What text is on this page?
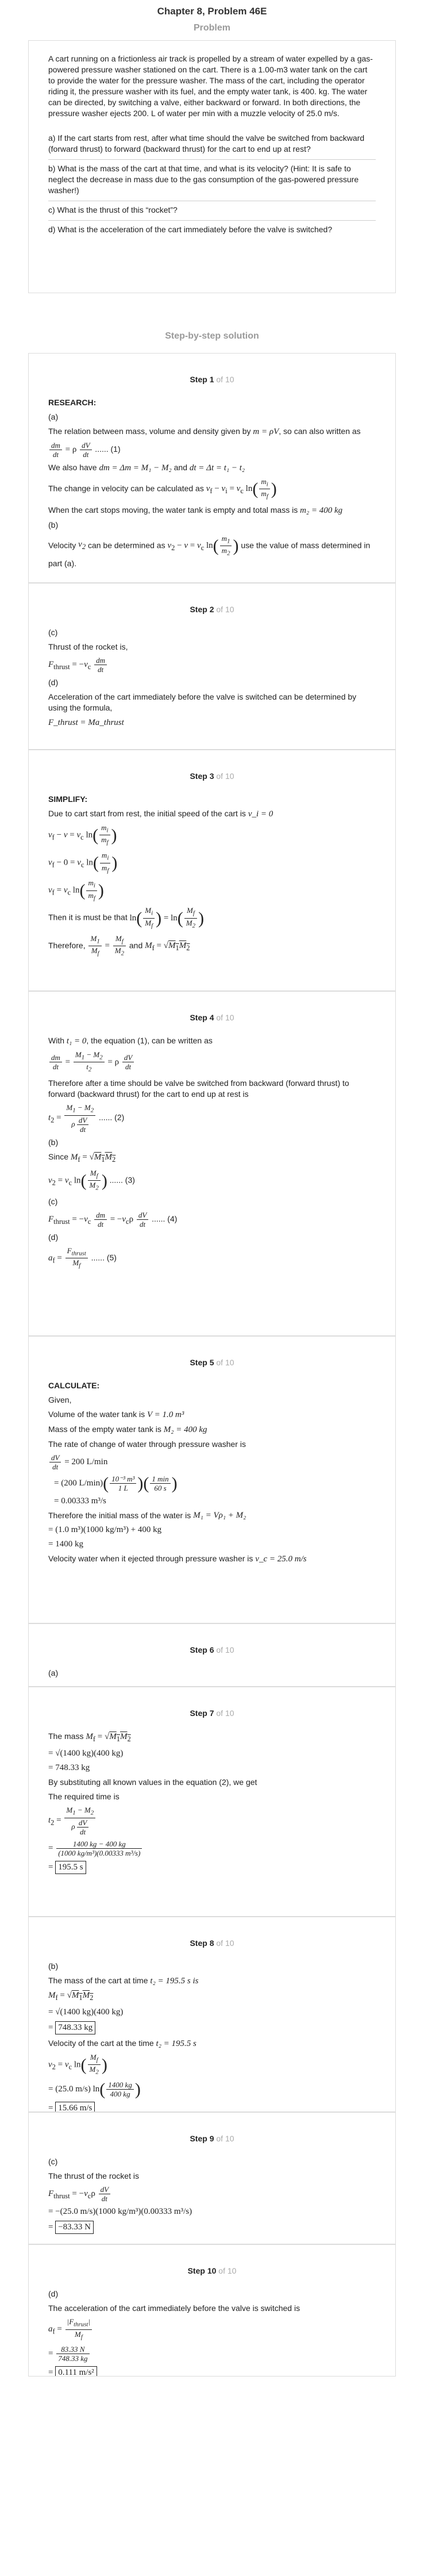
Chapter 8, Problem 46E
Problem

A cart running on a frictionless air track is propelled by a stream of water expelled by a gas-powered pressure washer stationed on the cart. There is a 1.00-m3 water tank on the cart to provide the water for the pressure washer. The mass of the cart, including the operator riding it, the pressure washer with its fuel, and the empty water tank, is 400. kg. The water can be directed, by switching a valve, either backward or forward. In both directions, the pressure washer ejects 200. L of water per min with a muzzle velocity of 25.0 m/s.

a) If the cart starts from rest, after what time should the valve be switched from backward (forward thrust) to forward (backward thrust) for the cart to end up at rest?
b) What is the mass of the cart at that time, and what is its velocity? (Hint: It is safe to neglect the decrease in mass due to the gas consumption of the gas-powered pressure washer!)
c) What is the thrust of this “rocket”?
d) What is the acceleration of the cart immediately before the valve is switched?
Step-by-step solution
Step 1 of 10
RESEARCH:
(a)
The relation between mass, volume and density given by m = ρV, so can also written as
$\frac{dm}{dt} = \rho \frac{dV}{dt}$ ...... (1)
We also have dm = Δm = M₁ − M₂ and dt = Δt = t₁ − t₂
The change in velocity can be calculated as $v_f - v_i = v_c$ $\ln( \frac{m_i}{m_f}$ )
When the cart stops moving, the water tank is empty and total mass is m₂ = 400 kg
(b)
Velocity $v_2$ can be determined as $v_2 - v = v_c$ $\ln( \frac{m_1}{m_2}$ ) use the value of mass determined in part (a).
Step 2 of 10
(c)
Thrust of the rocket is,
$F_{thrust} = -v_c \frac{dm}{dt}$
(d)
Acceleration of the cart immediately before the valve is switched can be determined by using the formula,
F_thrust = Ma_thrust
Step 3 of 10
SIMPLIFY:
Due to cart start from rest, the initial speed of the cart is v_i = 0
$v_f - v = v_c$ $\ln( \frac{m_i}{m_f}$ )
$v_f - 0 = v_c$ $\ln( \frac{m_i}{m_f}$ )
$v_f = v_c$ $\ln( \frac{m_i}{m_f}$ )
Then it is must be that $\ln( \frac{M_i}{M_f}$ ) = $\ln( \frac{M_f}{M_2}$ )
Therefore, $\frac{M_1}{M_f} = \frac{M_f}{M_2}$ and $M_f = √M_1M_2$
Step 4 of 10
With t₁ = 0, the equation (1), can be written as
$\frac{dm}{dt} = \frac{M_1 - M_2}{t_2} = \rho \frac{dV}{dt}$
Therefore after a time should be valve be switched from backward (forward thrust) to forward (backward thrust) for the cart to end up at rest is
$t_2 = \frac{M_1 - M_2}{\rho \frac{dV}{dt}}$ ...... (2)
(b)
Since $M_f = √M_1M_2$
$v_2 = v_c$ $\ln( \frac{M_f}{M_2}$ ) ...... (3)
(c)
$F_{thrust} = -v_c \frac{dm}{dt} = -v_c\rho \frac{dV}{dt}$ ...... (4)
(d)
$a_f = \frac{F_{thrust}}{M_f}$ ...... (5)
Step 5 of 10
CALCULATE:
Given,
Volume of the water tank is V = 1.0 m³
Mass of the empty water tank is M₂ = 400 kg
The rate of change of water through pressure washer is
$\frac{dV}{dt} = 200$ L/min
= (200 $L/\min)( \frac{\text{10⁻³ m³}}{1 L}$ )( $\frac{1 \min}{60 s}$ )
= 0.00333 m³/s
Therefore the initial mass of the water is M₁ = Vρ₁ + M₂
= (1.0 m³)(1000 kg/m³) + 400 kg
= 1400 kg
Velocity water when it ejected through pressure washer is v_c = 25.0 m/s
Step 6 of 10
(a)
Step 7 of 10
The mass $M_f = √M_1M_2$
= √(1400 kg)(400 kg)
= 748.33 kg
By substituting all known values in the equation (2), we get
The required time is
$t_2 = \frac{M_1 - M_2}{\rho \frac{dV}{dt}}$
= $\frac{1400 kg - 400 kg}{\text{(1000 kg/m³)(0.00333 m³/s)}}$
= 195.5 s
Step 8 of 10
(b)
The mass of the cart at time t₂ = 195.5 s is
$M_f = √M_1M_2$
= √(1400 kg)(400 kg)
= 748.33 kg
Velocity of the cart at the time t₂ = 195.5 s
$v_2 = v_c$ $\ln( \frac{M_f}{M_2}$ )
= (25.0 m/s) $\ln( \frac{1400 kg}{400 kg}$ )
= 15.66 m/s
Step 9 of 10
(c)
The thrust of the rocket is
$F_{thrust} = -v_c\rho \frac{dV}{dt}$
= −(25.0 m/s)(1000 kg/m³)(0.00333 m³/s)
= −83.33 N
Step 10 of 10
(d)
The acceleration of the cart immediately before the valve is switched is
$a_f = \frac{|F_{thrust}|}{M_f}$
= $\frac{83.33 N}{748.33 kg}$
= 0.111 m/s²
